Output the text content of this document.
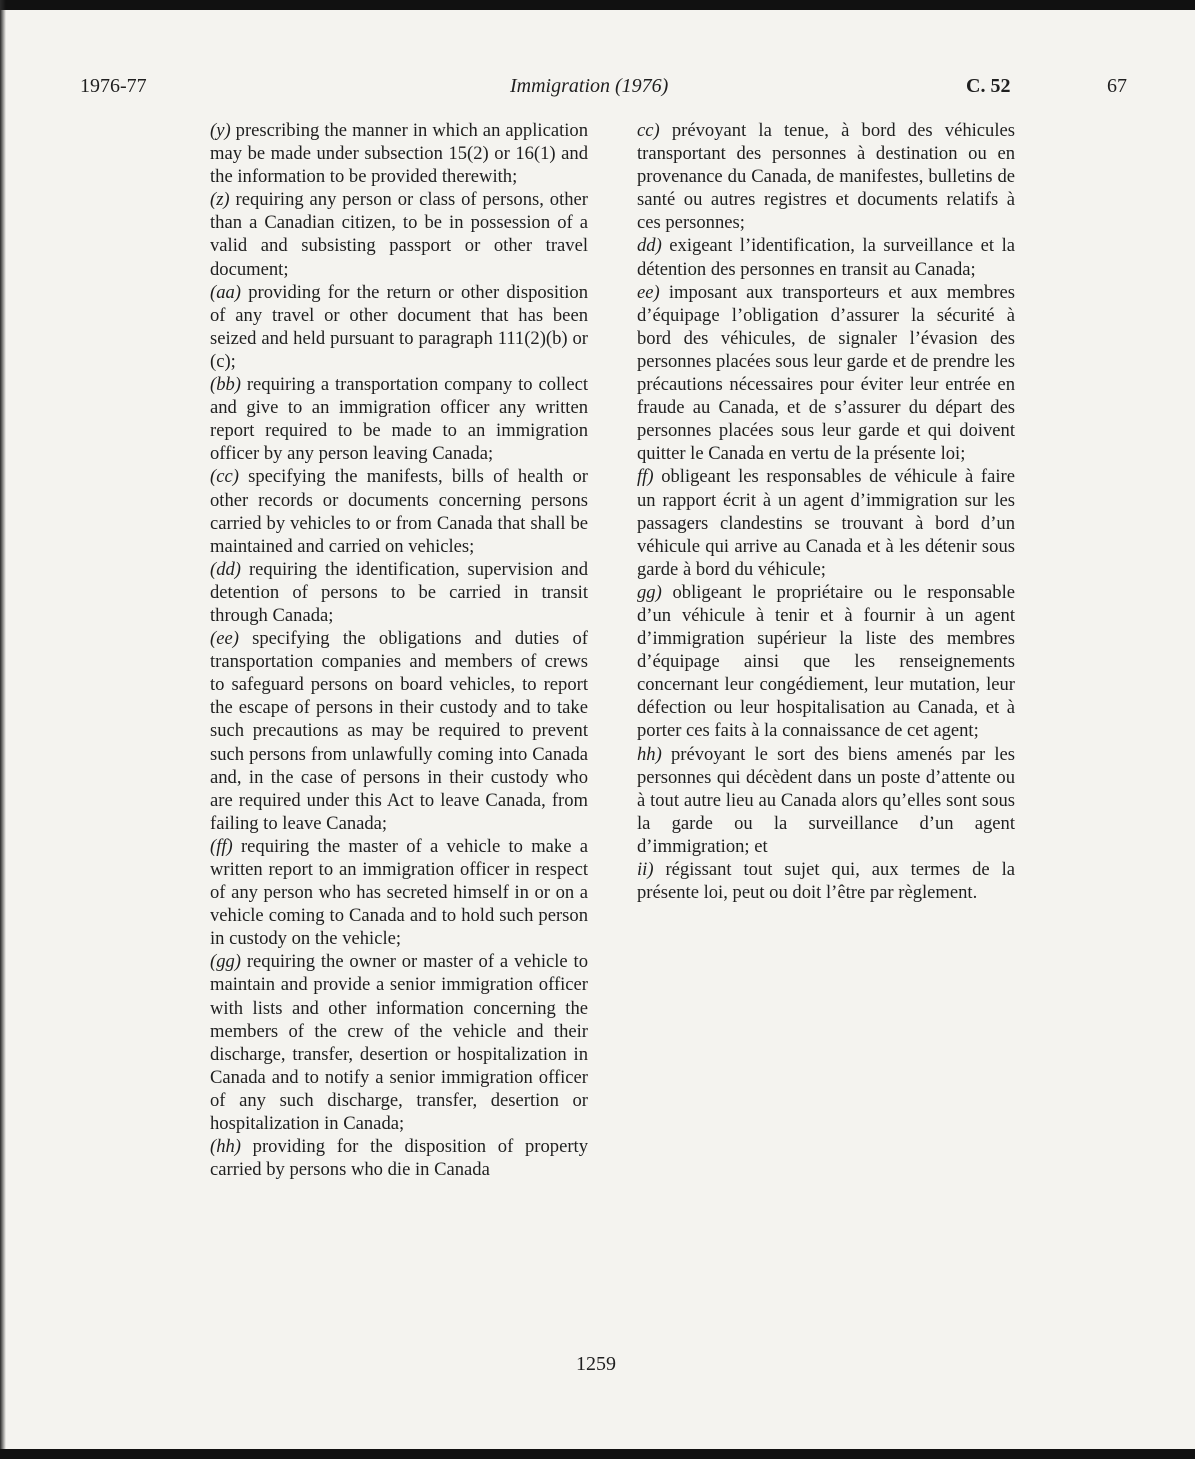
1976-77	Immigration (1976)	C. 52	67

(y) prescribing the manner in which an application may be made under subsection 15(2) or 16(1) and the information to be provided therewith;

(z) requiring any person or class of persons, other than a Canadian citizen, to be in possession of a valid and subsisting passport or other travel document;

(aa) providing for the return or other disposition of any travel or other document that has been seized and held pursuant to paragraph 111(2)(b) or (c);

(bb) requiring a transportation company to collect and give to an immigration officer any written report required to be made to an immigration officer by any person leaving Canada;

(cc) specifying the manifests, bills of health or other records or documents concerning persons carried by vehicles to or from Canada that shall be maintained and carried on vehicles;

(dd) requiring the identification, supervision and detention of persons to be carried in transit through Canada;

(ee) specifying the obligations and duties of transportation companies and members of crews to safeguard persons on board vehicles, to report the escape of persons in their custody and to take such precautions as may be required to prevent such persons from unlawfully coming into Canada and, in the case of persons in their custody who are required under this Act to leave Canada, from failing to leave Canada;

(ff) requiring the master of a vehicle to make a written report to an immigration officer in respect of any person who has secreted himself in or on a vehicle coming to Canada and to hold such person in custody on the vehicle;

(gg) requiring the owner or master of a vehicle to maintain and provide a senior immigration officer with lists and other information concerning the members of the crew of the vehicle and their discharge, transfer, desertion or hospitalization in Canada and to notify a senior immigration officer of any such discharge, transfer, desertion or hospitalization in Canada;

(hh) providing for the disposition of property carried by persons who die in Canada

cc) prévoyant la tenue, à bord des véhicules transportant des personnes à destination ou en provenance du Canada, de manifestes, bulletins de santé ou autres registres et documents relatifs à ces personnes;

dd) exigeant l’identification, la surveillance et la détention des personnes en transit au Canada;

ee) imposant aux transporteurs et aux membres d’équipage l’obligation d’assurer la sécurité à bord des véhicules, de signaler l’évasion des personnes placées sous leur garde et de prendre les précautions nécessaires pour éviter leur entrée en fraude au Canada, et de s’assurer du départ des personnes placées sous leur garde et qui doivent quitter le Canada en vertu de la présente loi;

ff) obligeant les responsables de véhicule à faire un rapport écrit à un agent d’immigration sur les passagers clandestins se trouvant à bord d’un véhicule qui arrive au Canada et à les détenir sous garde à bord du véhicule;

gg) obligeant le propriétaire ou le responsable d’un véhicule à tenir et à fournir à un agent d’immigration supérieur la liste des membres d’équipage ainsi que les renseignements concernant leur congédiement, leur mutation, leur défection ou leur hospitalisation au Canada, et à porter ces faits à la connaissance de cet agent;

hh) prévoyant le sort des biens amenés par les personnes qui décèdent dans un poste d’attente ou à tout autre lieu au Canada alors qu’elles sont sous la garde ou la surveillance d’un agent d’immigration; et

ii) régissant tout sujet qui, aux termes de la présente loi, peut ou doit l’être par règlement.

1259
